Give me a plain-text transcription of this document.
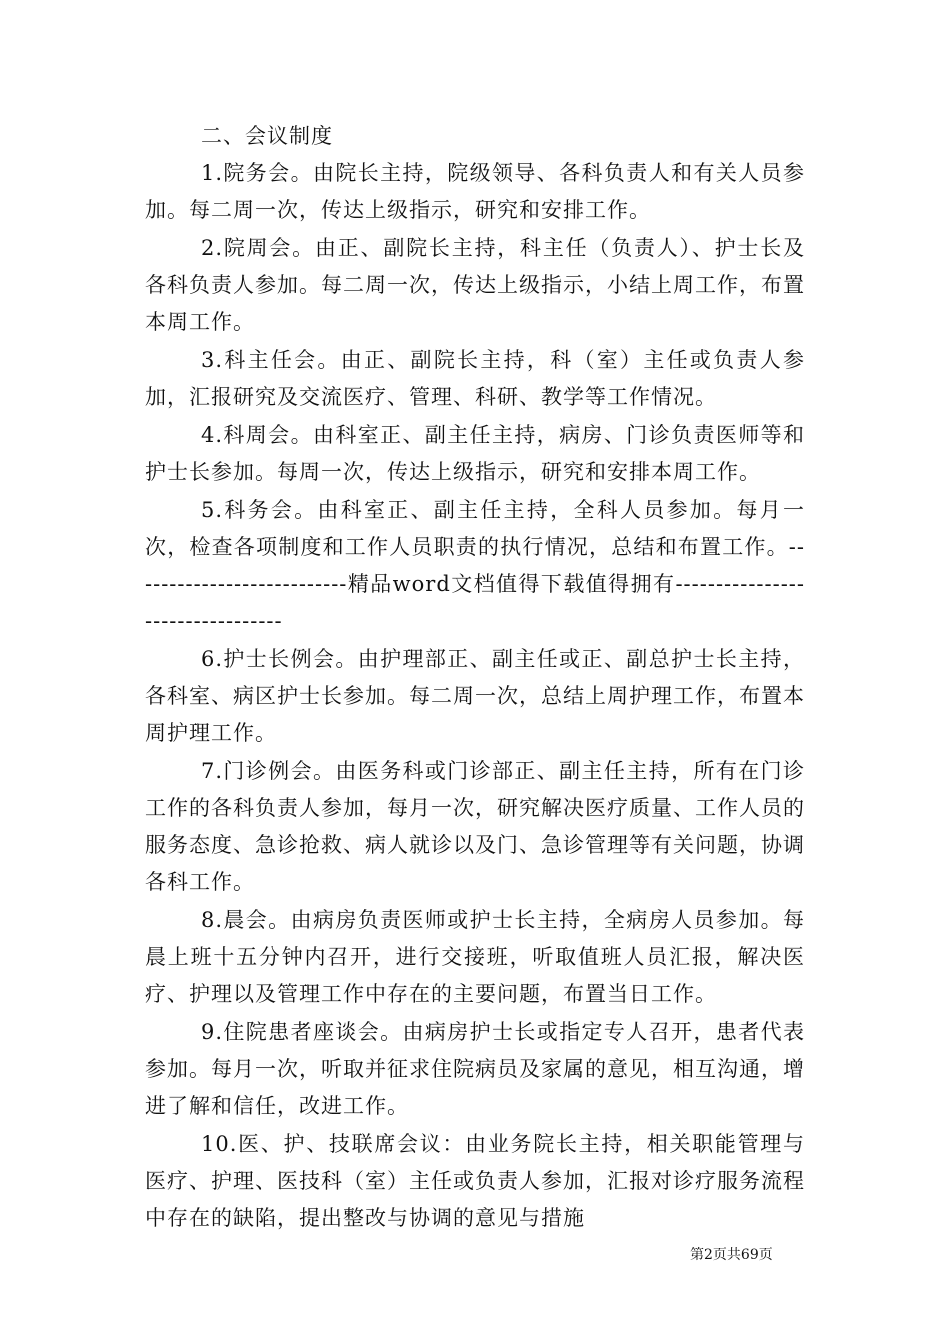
二、会议制度

1.院务会。由院长主持，院级领导、各科负责人和有关人员参加。每二周一次，传达上级指示，研究和安排工作。

2.院周会。由正、副院长主持，科主任（负责人）、护士长及各科负责人参加。每二周一次，传达上级指示，小结上周工作，布置本周工作。

3.科主任会。由正、副院长主持，科（室）主任或负责人参加，汇报研究及交流医疗、管理、科研、教学等工作情况。

4.科周会。由科室正、副主任主持，病房、门诊负责医师等和护士长参加。每周一次，传达上级指示，研究和安排本周工作。

5.科务会。由科室正、副主任主持，全科人员参加。每月一次，检查各项制度和工作人员职责的执行情况，总结和布置工作。---------------------------精品word文档值得下载值得拥有---------------------------------

6.护士长例会。由护理部正、副主任或正、副总护士长主持，各科室、病区护士长参加。每二周一次，总结上周护理工作，布置本周护理工作。

7.门诊例会。由医务科或门诊部正、副主任主持，所有在门诊工作的各科负责人参加，每月一次，研究解决医疗质量、工作人员的服务态度、急诊抢救、病人就诊以及门、急诊管理等有关问题，协调各科工作。

8.晨会。由病房负责医师或护士长主持，全病房人员参加。每晨上班十五分钟内召开，进行交接班，听取值班人员汇报，解决医疗、护理以及管理工作中存在的主要问题，布置当日工作。

9.住院患者座谈会。由病房护士长或指定专人召开，患者代表参加。每月一次，听取并征求住院病员及家属的意见，相互沟通，增进了解和信任，改进工作。

10.医、护、技联席会议：由业务院长主持，相关职能管理与医疗、护理、医技科（室）主任或负责人参加，汇报对诊疗服务流程中存在的缺陷，提出整改与协调的意见与措施

第2页共69页
